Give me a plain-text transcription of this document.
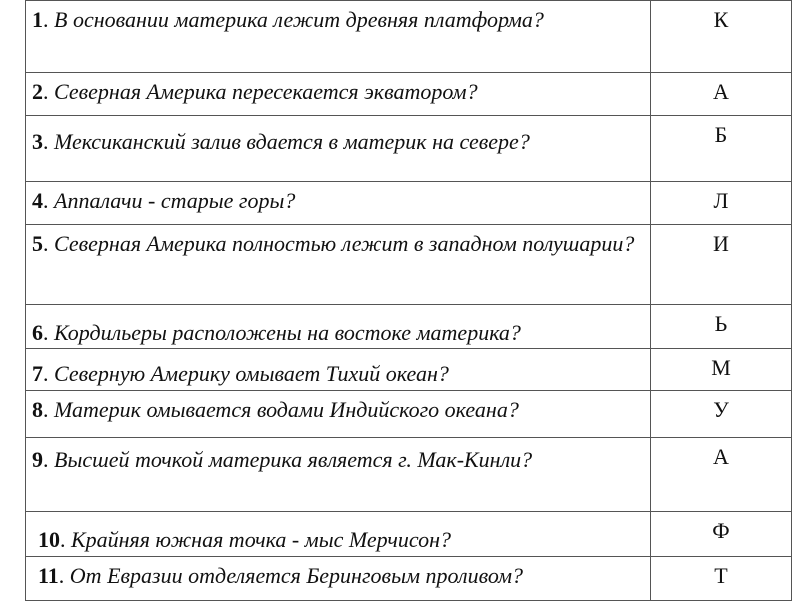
1. В основании материка лежит древняя платформа?	К
2. Северная Америка пересекается экватором?	А
3. Мексиканский залив вдается в материк на севере?	Б
4. Аппалачи - старые горы?	Л
5. Северная Америка полностью лежит в западном полушарии?	И
6. Кордильеры расположены на востоке материка?	Ь
7. Северную Америку омывает Тихий океан?	М
8. Материк омывается водами Индийского океана?	У
9. Высшей точкой материка является г. Мак-Кинли?	А
10. Крайняя южная точка - мыс Мерчисон?	Ф
11. От Евразии отделяется Беринговым проливом?	Т
